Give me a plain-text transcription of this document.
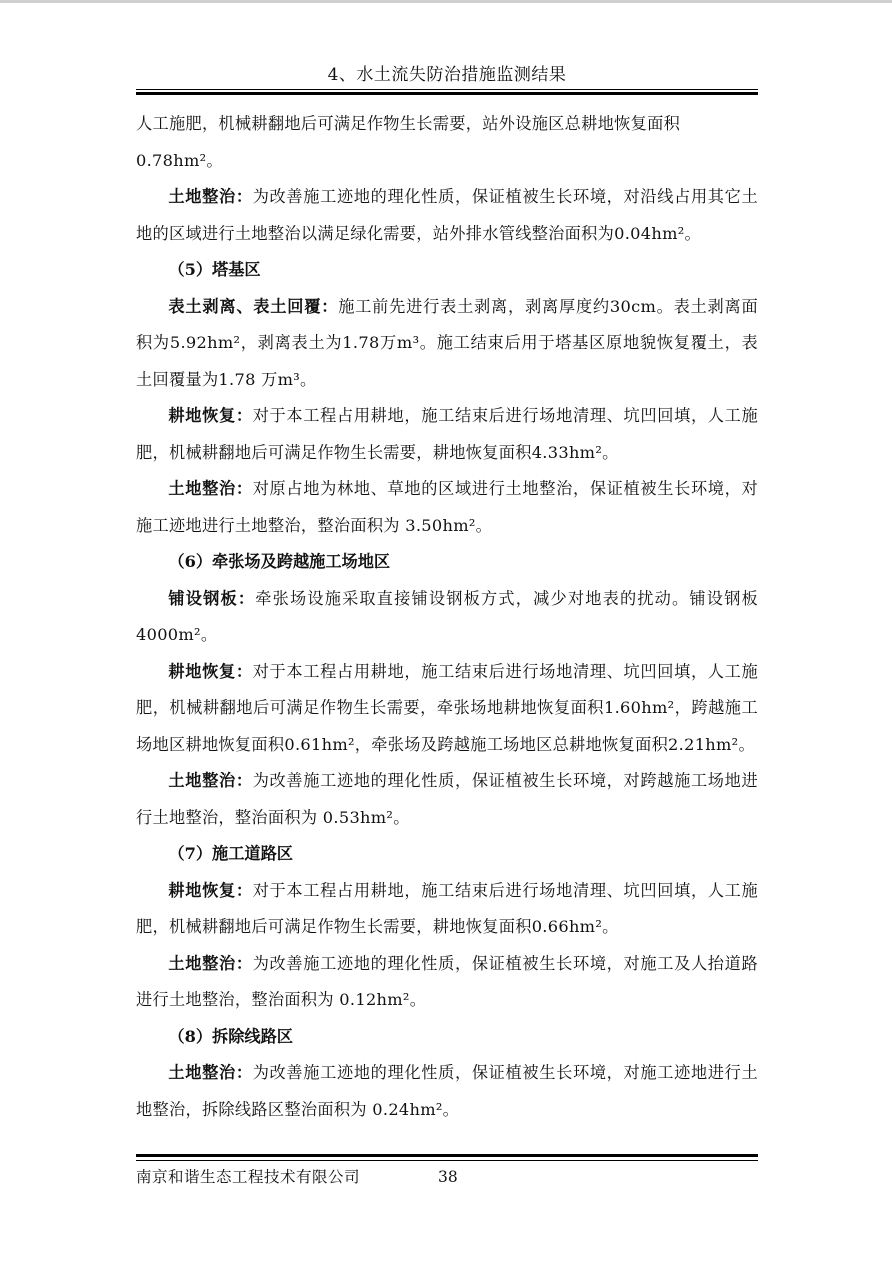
4、水土流失防治措施监测结果

人工施肥，机械耕翻地后可满足作物生长需要，站外设施区总耕地恢复面积
0.78hm²。

土地整治：为改善施工迹地的理化性质，保证植被生长环境，对沿线占用其它土地的区域进行土地整治以满足绿化需要，站外排水管线整治面积为0.04hm²。

（5）塔基区

表土剥离、表土回覆：施工前先进行表土剥离，剥离厚度约30cm。表土剥离面积为5.92hm²，剥离表土为1.78万m³。施工结束后用于塔基区原地貌恢复覆土，表土回覆量为1.78 万m³。

耕地恢复：对于本工程占用耕地，施工结束后进行场地清理、坑凹回填，人工施肥，机械耕翻地后可满足作物生长需要，耕地恢复面积4.33hm²。

土地整治：对原占地为林地、草地的区域进行土地整治，保证植被生长环境，对施工迹地进行土地整治，整治面积为 3.50hm²。

（6）牵张场及跨越施工场地区

铺设钢板：牵张场设施采取直接铺设钢板方式，减少对地表的扰动。铺设钢板4000m²。

耕地恢复：对于本工程占用耕地，施工结束后进行场地清理、坑凹回填，人工施肥，机械耕翻地后可满足作物生长需要，牵张场地耕地恢复面积1.60hm²，跨越施工场地区耕地恢复面积0.61hm²，牵张场及跨越施工场地区总耕地恢复面积2.21hm²。

土地整治：为改善施工迹地的理化性质，保证植被生长环境，对跨越施工场地进行土地整治，整治面积为 0.53hm²。

（7）施工道路区

耕地恢复：对于本工程占用耕地，施工结束后进行场地清理、坑凹回填，人工施肥，机械耕翻地后可满足作物生长需要，耕地恢复面积0.66hm²。

土地整治：为改善施工迹地的理化性质，保证植被生长环境，对施工及人抬道路进行土地整治，整治面积为 0.12hm²。

（8）拆除线路区

土地整治：为改善施工迹地的理化性质，保证植被生长环境，对施工迹地进行土地整治，拆除线路区整治面积为 0.24hm²。

南京和谐生态工程技术有限公司	38
